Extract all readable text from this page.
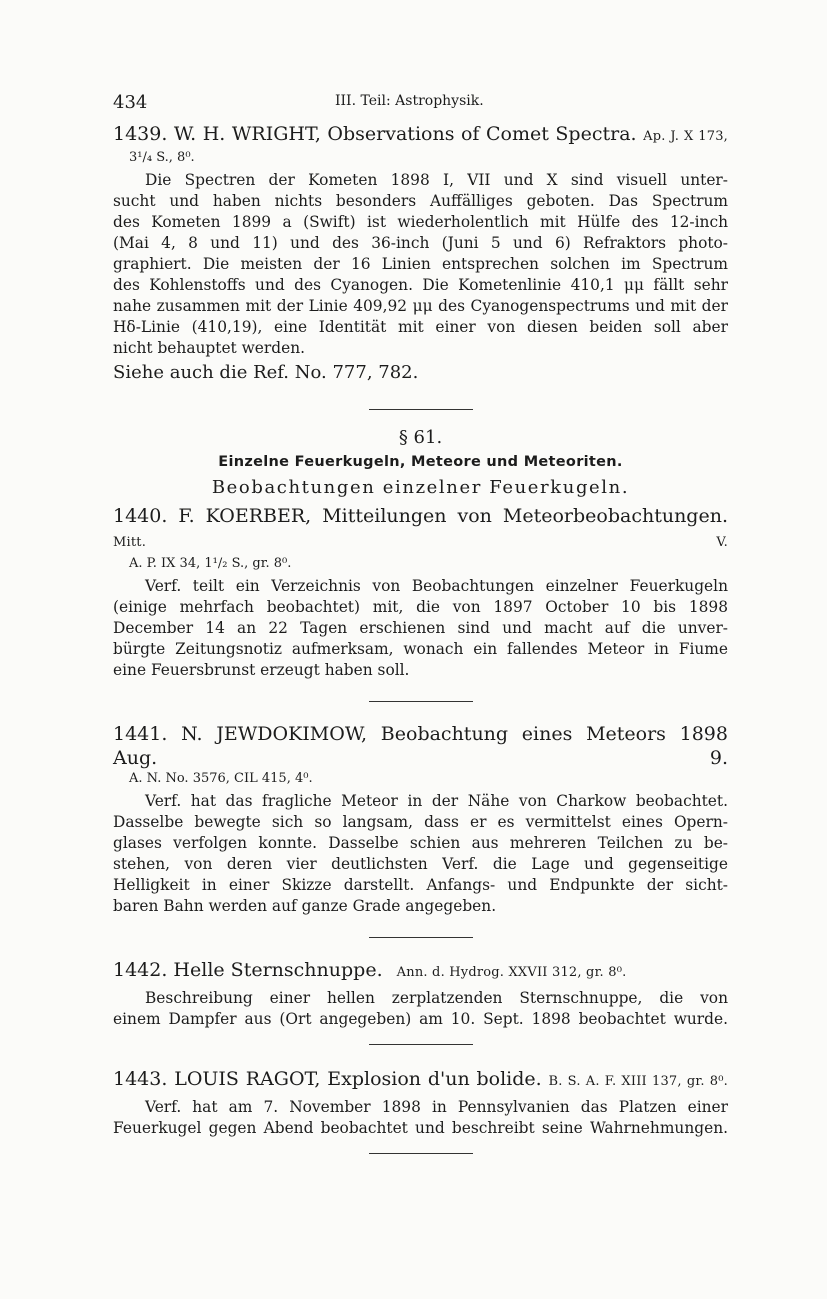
434	III. Teil: Astrophysik.

1439. W. H. WRIGHT, Observations of Comet Spectra. Ap. J. X 173,

3¹/₄ S., 8⁰.

Die Spectren der Kometen 1898 I, VII und X sind visuell unter-
sucht und haben nichts besonders Auffälliges geboten. Das Spectrum
des Kometen 1899 a (Swift) ist wiederholentlich mit Hülfe des 12-inch
(Mai 4, 8 und 11) und des 36-inch (Juni 5 und 6) Refraktors photo-
graphiert. Die meisten der 16 Linien entsprechen solchen im Spectrum
des Kohlenstoffs und des Cyanogen. Die Kometenlinie 410,1 μμ fällt sehr
nahe zusammen mit der Linie 409,92 μμ des Cyanogenspectrums und mit der
Hδ-Linie (410,19), eine Identität mit einer von diesen beiden soll aber
nicht behauptet werden.

Siehe auch die Ref. No. 777, 782.

§ 61.

Einzelne Feuerkugeln, Meteore und Meteoriten.

Beobachtungen einzelner Feuerkugeln.

1440. F. KOERBER, Mitteilungen von Meteorbeobachtungen. Mitt. V.

A. P. IX 34, 1¹/₂ S., gr. 8⁰.

Verf. teilt ein Verzeichnis von Beobachtungen einzelner Feuerkugeln
(einige mehrfach beobachtet) mit, die von 1897 October 10 bis 1898
December 14 an 22 Tagen erschienen sind und macht auf die unver-
bürgte Zeitungsnotiz aufmerksam, wonach ein fallendes Meteor in Fiume
eine Feuersbrunst erzeugt haben soll.

1441. N. JEWDOKIMOW, Beobachtung eines Meteors 1898 Aug. 9.

A. N. No. 3576, CIL 415, 4⁰.

Verf. hat das fragliche Meteor in der Nähe von Charkow beobachtet.
Dasselbe bewegte sich so langsam, dass er es vermittelst eines Opern-
glases verfolgen konnte. Dasselbe schien aus mehreren Teilchen zu be-
stehen, von deren vier deutlichsten Verf. die Lage und gegenseitige
Helligkeit in einer Skizze darstellt. Anfangs- und Endpunkte der sicht-
baren Bahn werden auf ganze Grade angegeben.

1442. Helle Sternschnuppe. Ann. d. Hydrog. XXVII 312, gr. 8⁰.

Beschreibung einer hellen zerplatzenden Sternschnuppe, die von
einem Dampfer aus (Ort angegeben) am 10. Sept. 1898 beobachtet wurde.

1443. LOUIS RAGOT, Explosion d'un bolide. B. S. A. F. XIII 137, gr. 8⁰.

Verf. hat am 7. November 1898 in Pennsylvanien das Platzen einer
Feuerkugel gegen Abend beobachtet und beschreibt seine Wahrnehmungen.
